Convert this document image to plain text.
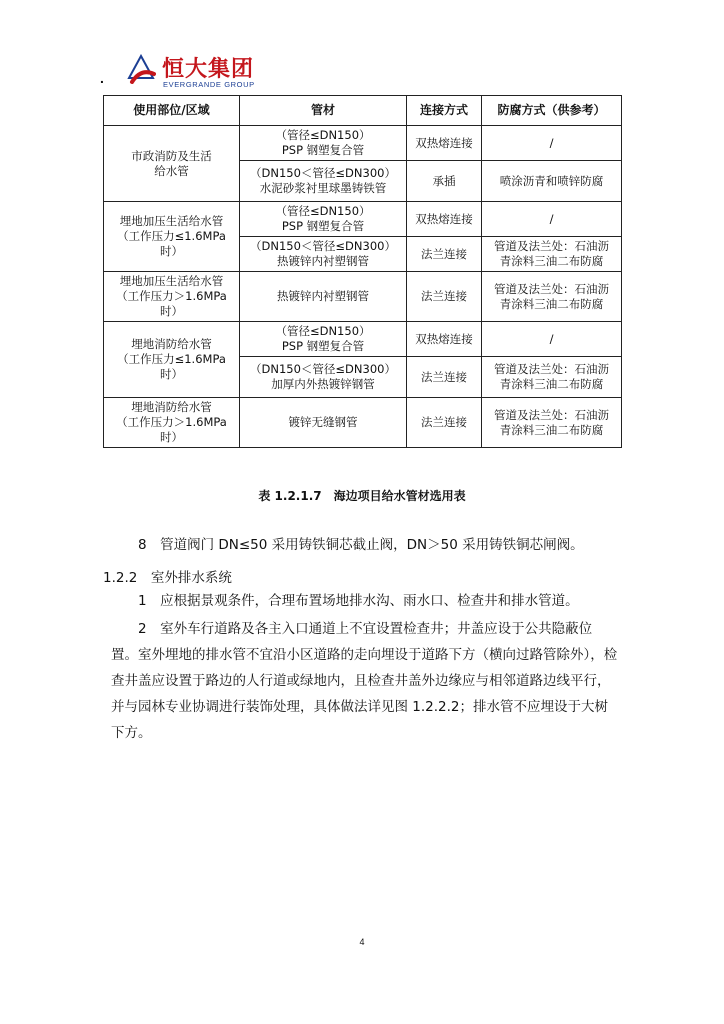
.	恒大集团
EVERGRANDE GROUP
使用部位/区域	管材	连接方式	防腐方式（供参考）
市政消防及生活
给水管	（管径≤DN150）
PSP 钢塑复合管	双热熔连接	/
	（DN150＜管径≤DN300）
水泥砂浆衬里球墨铸铁管	承插	喷涂沥青和喷锌防腐
埋地加压生活给水管
（工作压力≤1.6MPa
时）	（管径≤DN150）
PSP 钢塑复合管	双热熔连接	/
	（DN150＜管径≤DN300）
热镀锌内衬塑钢管	法兰连接	管道及法兰处：石油沥
青涂料三油二布防腐
埋地加压生活给水管
（工作压力＞1.6MPa
时）	热镀锌内衬塑钢管	法兰连接	管道及法兰处：石油沥
青涂料三油二布防腐
埋地消防给水管
（工作压力≤1.6MPa
时）	（管径≤DN150）
PSP 钢塑复合管	双热熔连接	/
	（DN150＜管径≤DN300）
加厚内外热镀锌钢管	法兰连接	管道及法兰处：石油沥
青涂料三油二布防腐
埋地消防给水管
（工作压力＞1.6MPa
时）	镀锌无缝钢管	法兰连接	管道及法兰处：石油沥
青涂料三油二布防腐
表 1.2.1.7　海边项目给水管材选用表
8　管道阀门 DN≤50 采用铸铁铜芯截止阀，DN＞50 采用铸铁铜芯闸阀。
1.2.2　室外排水系统
1　应根据景观条件，合理布置场地排水沟、雨水口、检查井和排水管道。
2　室外车行道路及各主入口通道上不宜设置检查井；井盖应设于公共隐蔽位置。室外埋地的排水管不宜沿小区道路的走向埋设于道路下方（横向过路管除外），检查井盖应设置于路边的人行道或绿地内，且检查井盖外边缘应与相邻道路边线平行，并与园林专业协调进行装饰处理，具体做法详见图 1.2.2.2；排水管不应埋设于大树下方。
4
